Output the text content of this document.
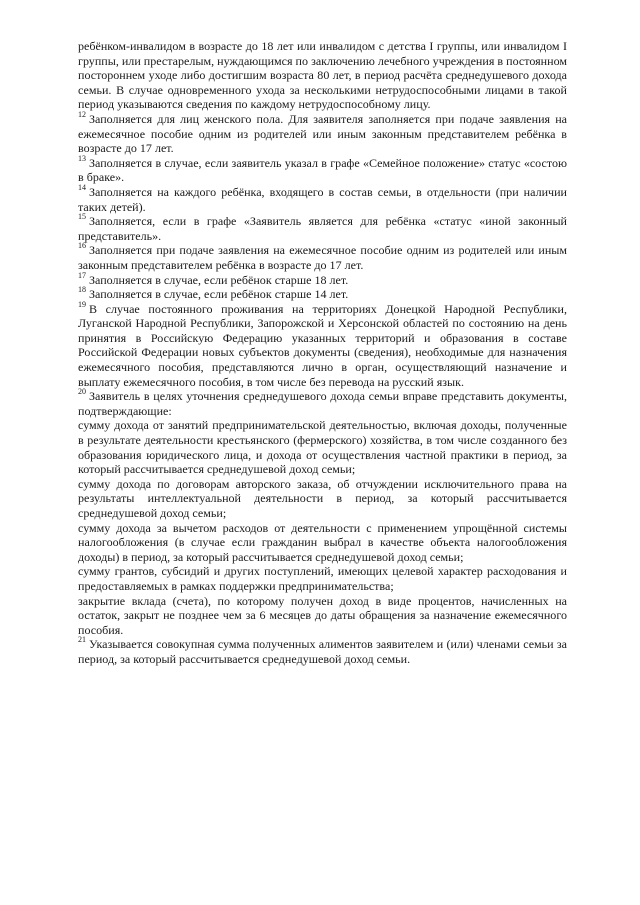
ребёнком-инвалидом в возрасте до 18 лет или инвалидом с детства I группы, или инвалидом I группы, или престарелым, нуждающимся по заключению лечебного учреждения в постоянном постороннем уходе либо достигшим возраста 80 лет, в период расчёта среднедушевого дохода семьи. В случае одновременного ухода за несколькими нетрудоспособными лицами в такой период указываются сведения по каждому нетрудоспособному лицу.

$^{12}$ Заполняется для лиц женского пола. Для заявителя заполняется при подаче заявления на ежемесячное пособие одним из родителей или иным законным представителем ребёнка в возрасте до 17 лет.

$^{13}$ Заполняется в случае, если заявитель указал в графе «Семейное положение» статус «состою в браке».

$^{14}$ Заполняется на каждого ребёнка, входящего в состав семьи, в отдельности (при наличии таких детей).

$^{15}$ Заполняется, если в графе «Заявитель является для ребёнка «статус «иной законный представитель».

$^{16}$ Заполняется при подаче заявления на ежемесячное пособие одним из родителей или иным законным представителем ребёнка в возрасте до 17 лет.

$^{17}$ Заполняется в случае, если ребёнок старше 18 лет.

$^{18}$ Заполняется в случае, если ребёнок старше 14 лет.

$^{19}$ В случае постоянного проживания на территориях Донецкой Народной Республики, Луганской Народной Республики, Запорожской и Херсонской областей по состоянию на день принятия в Российскую Федерацию указанных территорий и образования в составе Российской Федерации новых субъектов документы (сведения), необходимые для назначения ежемесячного пособия, представляются лично в орган, осуществляющий назначение и выплату ежемесячного пособия, в том числе без перевода на русский язык.

$^{20}$ Заявитель в целях уточнения среднедушевого дохода семьи вправе представить документы, подтверждающие:

сумму дохода от занятий предпринимательской деятельностью, включая доходы, полученные в результате деятельности крестьянского (фермерского) хозяйства, в том числе созданного без образования юридического лица, и дохода от осуществления частной практики в период, за который рассчитывается среднедушевой доход семьи;

сумму дохода по договорам авторского заказа, об отчуждении исключительного права на результаты интеллектуальной деятельности в период, за который рассчитывается среднедушевой доход семьи;

сумму дохода за вычетом расходов от деятельности с применением упрощённой системы налогообложения (в случае если гражданин выбрал в качестве объекта налогообложения доходы) в период, за который рассчитывается среднедушевой доход семьи;

сумму грантов, субсидий и других поступлений, имеющих целевой характер расходования и предоставляемых в рамках поддержки предпринимательства;

закрытие вклада (счета), по которому получен доход в виде процентов, начисленных на остаток, закрыт не позднее чем за 6 месяцев до даты обращения за назначение ежемесячного пособия.

$^{21}$ Указывается совокупная сумма полученных алиментов заявителем и (или) членами семьи за период, за который рассчитывается среднедушевой доход семьи.
